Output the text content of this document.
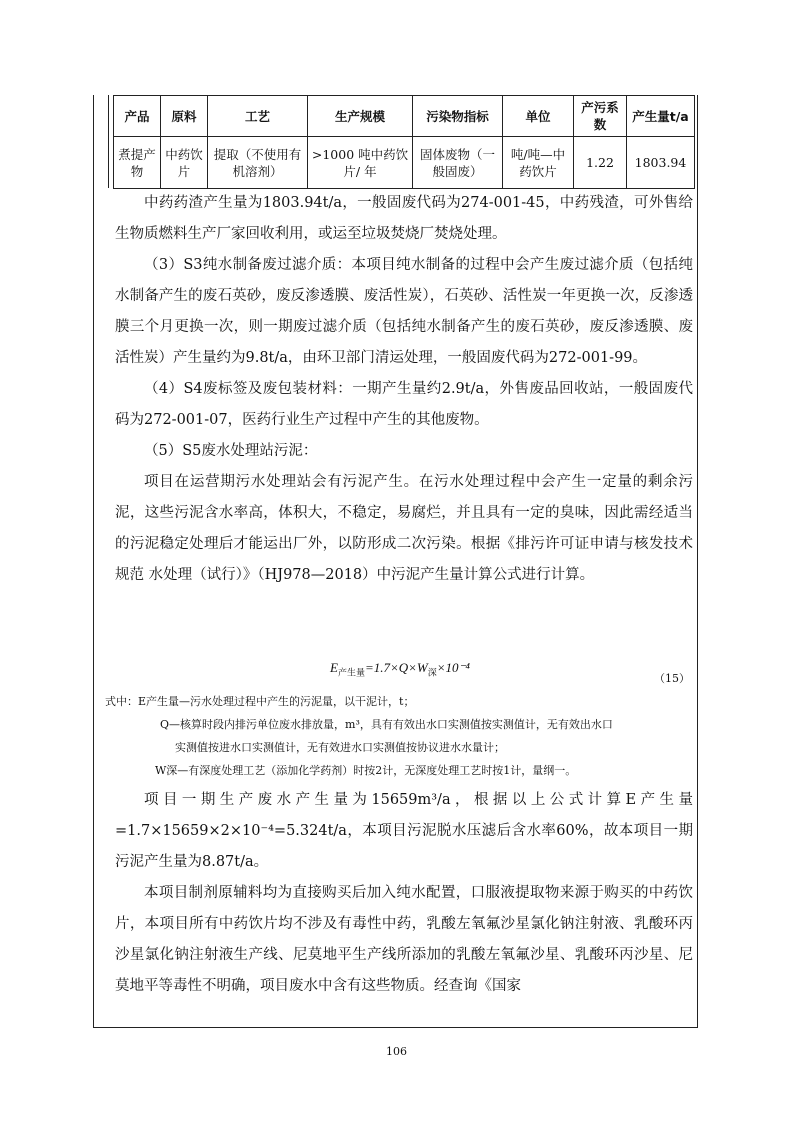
产品	原料	工艺	生产规模	污染物指标	单位	产污系数	产生量t/a
煮提产物	中药饮片	提取（不使用有机溶剂）	>1000 吨中药饮片/ 年	固体废物（一般固废）	吨/吨—中药饮片	1.22	1803.94

中药药渣产生量为1803.94t/a，一般固废代码为274-001-45，中药残渣，可外售给生物质燃料生产厂家回收利用，或运至垃圾焚烧厂焚烧处理。

（3）S3纯水制备废过滤介质：本项目纯水制备的过程中会产生废过滤介质（包括纯水制备产生的废石英砂，废反渗透膜、废活性炭），石英砂、活性炭一年更换一次，反渗透膜三个月更换一次，则一期废过滤介质（包括纯水制备产生的废石英砂，废反渗透膜、废活性炭）产生量约为9.8t/a，由环卫部门清运处理，一般固废代码为272-001-99。

（4）S4废标签及废包装材料：一期产生量约2.9t/a，外售废品回收站，一般固废代码为272-001-07，医药行业生产过程中产生的其他废物。

（5）S5废水处理站污泥：

项目在运营期污水处理站会有污泥产生。在污水处理过程中会产生一定量的剩余污泥，这些污泥含水率高，体积大，不稳定，易腐烂，并且具有一定的臭味，因此需经适当的污泥稳定处理后才能运出厂外，以防形成二次污染。根据《排污许可证申请与核发技术规范 水处理（试行）》（HJ978—2018）中污泥产生量计算公式进行计算。

$E_{产生量}=1.7\times Q\times W_深\times 10^{-4}$
（15）

式中：E产生量—污水处理过程中产生的污泥量，以干泥计，t；

Q—核算时段内排污单位废水排放量，m³，具有有效出水口实测值按实测值计，无有效出水口

实测值按进水口实测值计，无有效进水口实测值按协议进水水量计；

W深—有深度处理工艺（添加化学药剂）时按2计，无深度处理工艺时按1计，量纲一。

项目一期生产废水产生量为15659m³/a，根据以上公式计算E产生量=1.7×15659×2×10⁻⁴=5.324t/a，本项目污泥脱水压滤后含水率60%，故本项目一期污泥产生量为8.87t/a。

本项目制剂原辅料均为直接购买后加入纯水配置，口服液提取物来源于购买的中药饮片，本项目所有中药饮片均不涉及有毒性中药，乳酸左氧氟沙星氯化钠注射液、乳酸环丙沙星氯化钠注射液生产线、尼莫地平生产线所添加的乳酸左氧氟沙星、乳酸环丙沙星、尼莫地平等毒性不明确，项目废水中含有这些物质。经查询《国家

106
